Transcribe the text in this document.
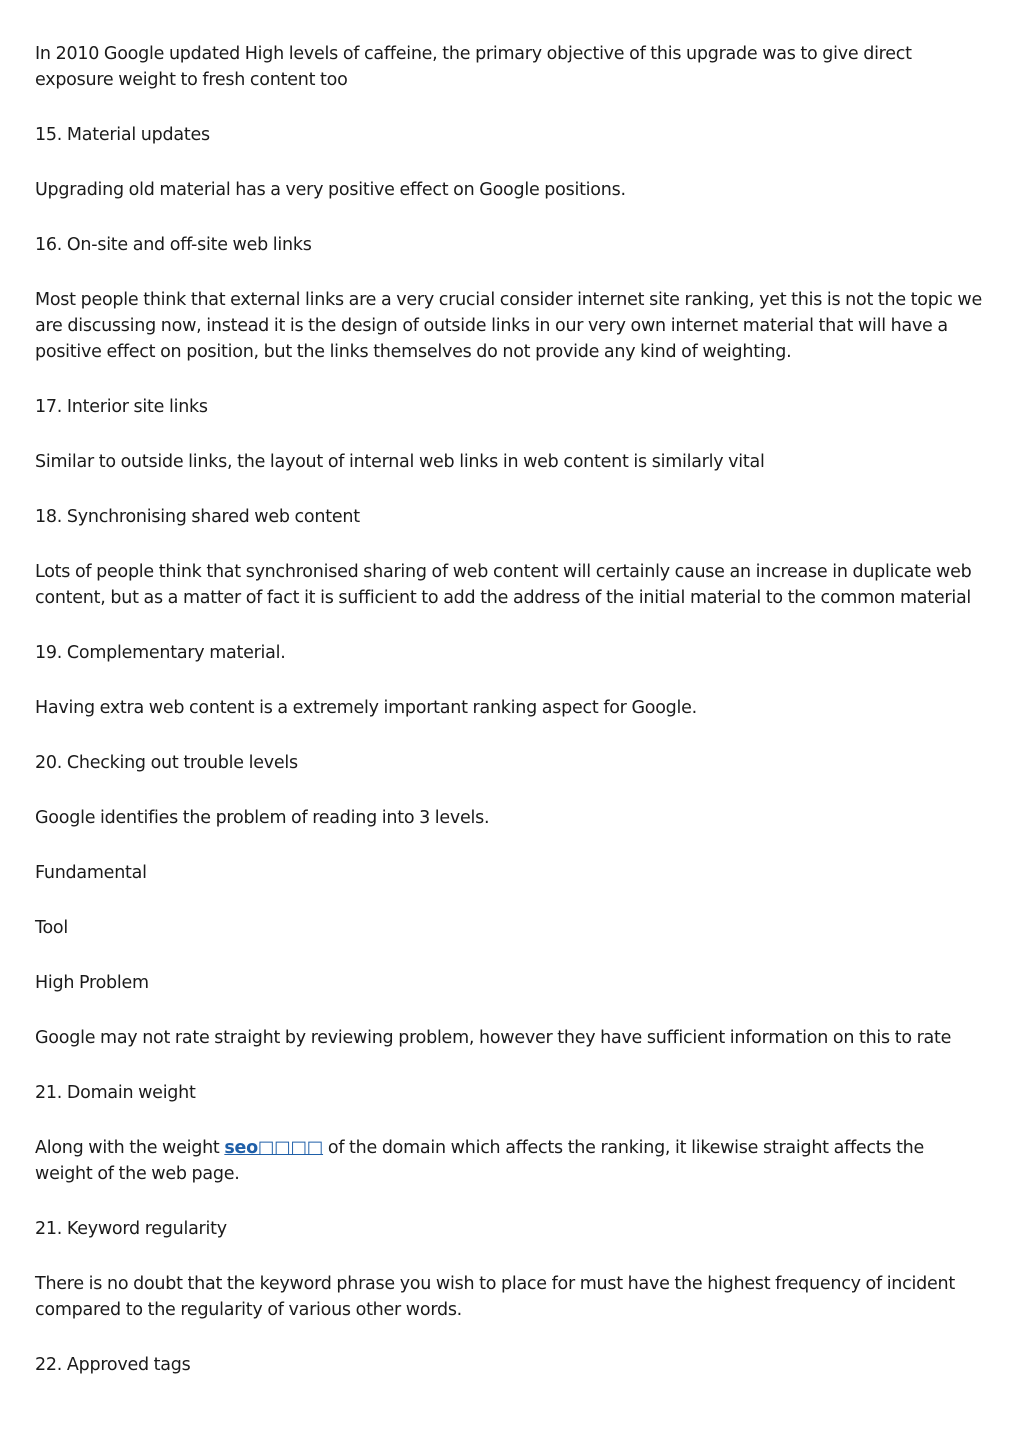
In 2010 Google updated High levels of caffeine, the primary objective of this upgrade was to give direct exposure weight to fresh content too

15. Material updates

Upgrading old material has a very positive effect on Google positions.

16. On-site and off-site web links

Most people think that external links are a very crucial consider internet site ranking, yet this is not the topic we are discussing now, instead it is the design of outside links in our very own internet material that will have a positive effect on position, but the links themselves do not provide any kind of weighting.

17. Interior site links

Similar to outside links, the layout of internal web links in web content is similarly vital

18. Synchronising shared web content

Lots of people think that synchronised sharing of web content will certainly cause an increase in duplicate web content, but as a matter of fact it is sufficient to add the address of the initial material to the common material

19. Complementary material.

Having extra web content is a extremely important ranking aspect for Google.

20. Checking out trouble levels

Google identifies the problem of reading into 3 levels.

Fundamental

Tool

High Problem

Google may not rate straight by reviewing problem, however they have sufficient information on this to rate

21. Domain weight

Along with the weight seo□□□□ of the domain which affects the ranking, it likewise straight affects the weight of the web page.

21. Keyword regularity

There is no doubt that the keyword phrase you wish to place for must have the highest frequency of incident compared to the regularity of various other words.

22. Approved tags
